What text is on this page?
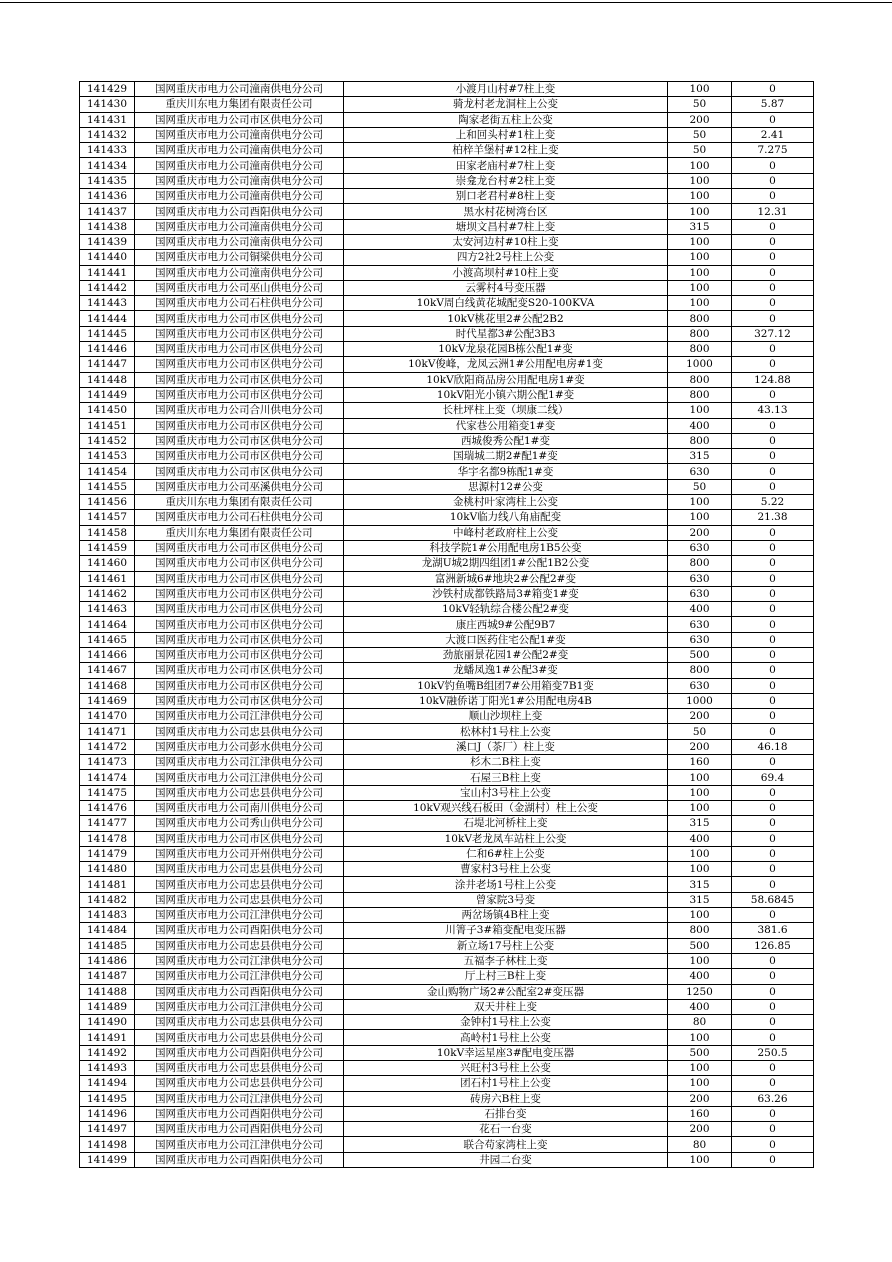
141429	国网重庆市电力公司潼南供电分公司	小渡月山村#7柱上变	100	0
141430	重庆川东电力集团有限责任公司	骑龙村老龙洞柱上公变	50	5.87
141431	国网重庆市电力公司市区供电分公司	陶家老街五柱上公变	200	0
141432	国网重庆市电力公司潼南供电分公司	上和回头村#1柱上变	50	2.41
141433	国网重庆市电力公司潼南供电分公司	柏梓羊堡村#12柱上变	50	7.275
141434	国网重庆市电力公司潼南供电分公司	田家老庙村#7柱上变	100	0
141435	国网重庆市电力公司潼南供电分公司	崇龛龙台村#2柱上变	100	0
141436	国网重庆市电力公司潼南供电分公司	别口老君村#8柱上变	100	0
141437	国网重庆市电力公司酉阳供电分公司	黑水村花树湾台区	100	12.31
141438	国网重庆市电力公司潼南供电分公司	塘坝文昌村#7柱上变	315	0
141439	国网重庆市电力公司潼南供电分公司	太安河边村#10柱上变	100	0
141440	国网重庆市电力公司铜梁供电分公司	四方2社2号柱上公变	100	0
141441	国网重庆市电力公司潼南供电分公司	小渡高坝村#10柱上变	100	0
141442	国网重庆市电力公司巫山供电分公司	云雾村4号变压器	100	0
141443	国网重庆市电力公司石柱供电分公司	10kV周白线黄花城配变S20-100KVA	100	0
141444	国网重庆市电力公司市区供电分公司	10kV桃花里2#公配2B2	800	0
141445	国网重庆市电力公司市区供电分公司	时代星都3#公配3B3	800	327.12
141446	国网重庆市电力公司市区供电分公司	10kV龙泉花园B栋公配1#变	800	0
141447	国网重庆市电力公司市区供电分公司	10kV俊峰，龙凤云洲1#公用配电房#1变	1000	0
141448	国网重庆市电力公司市区供电分公司	10kV欣阳商品房公用配电房1#变	800	124.88
141449	国网重庆市电力公司市区供电分公司	10kV阳光小镇六期公配1#变	800	0
141450	国网重庆市电力公司合川供电分公司	长杜坪柱上变（坝康二线）	100	43.13
141451	国网重庆市电力公司市区供电分公司	代家巷公用箱变1#变	400	0
141452	国网重庆市电力公司市区供电分公司	西城俊秀公配1#变	800	0
141453	国网重庆市电力公司市区供电分公司	国瑞城二期2#配1#变	315	0
141454	国网重庆市电力公司市区供电分公司	华宇名都9栋配1#变	630	0
141455	国网重庆市电力公司巫溪供电分公司	思源村12#公变	50	0
141456	重庆川东电力集团有限责任公司	金桃村叶家湾柱上公变	100	5.22
141457	国网重庆市电力公司石柱供电分公司	10kV临力线八角庙配变	100	21.38
141458	重庆川东电力集团有限责任公司	中峰村老政府柱上公变	200	0
141459	国网重庆市电力公司市区供电分公司	科技学院1#公用配电房1B5公变	630	0
141460	国网重庆市电力公司市区供电分公司	龙湖U城2期四组团1#公配1B2公变	800	0
141461	国网重庆市电力公司市区供电分公司	富洲新城6#地块2#公配2#变	630	0
141462	国网重庆市电力公司市区供电分公司	沙铁村成都铁路局3#箱变1#变	630	0
141463	国网重庆市电力公司市区供电分公司	10kV轻轨综合楼公配2#变	400	0
141464	国网重庆市电力公司市区供电分公司	康庄西城9#公配9B7	630	0
141465	国网重庆市电力公司市区供电分公司	大渡口医药住宅公配1#变	630	0
141466	国网重庆市电力公司市区供电分公司	劲旅丽景花园1#公配2#变	500	0
141467	国网重庆市电力公司市区供电分公司	龙蟠凤逸1#公配3#变	800	0
141468	国网重庆市电力公司市区供电分公司	10kV钓鱼嘴B组团7#公用箱变7B1变	630	0
141469	国网重庆市电力公司市区供电分公司	10kV融侨诺丁阳光1#公用配电房4B	1000	0
141470	国网重庆市电力公司江津供电分公司	顺山沙坝柱上变	200	0
141471	国网重庆市电力公司忠县供电分公司	松林村1号柱上公变	50	0
141472	国网重庆市电力公司彭水供电分公司	溪口J（茶厂）柱上变	200	46.18
141473	国网重庆市电力公司江津供电分公司	杉木二B柱上变	160	0
141474	国网重庆市电力公司江津供电分公司	石屋三B柱上变	100	69.4
141475	国网重庆市电力公司忠县供电分公司	宝山村3号柱上公变	100	0
141476	国网重庆市电力公司南川供电分公司	10kV观兴线石板田（金湖村）柱上公变	100	0
141477	国网重庆市电力公司秀山供电分公司	石堤北河桥柱上变	315	0
141478	国网重庆市电力公司市区供电分公司	10kV老龙凤车站柱上公变	400	0
141479	国网重庆市电力公司开州供电分公司	仁和6#柱上公变	100	0
141480	国网重庆市电力公司忠县供电分公司	曹家村3号柱上公变	100	0
141481	国网重庆市电力公司忠县供电分公司	涂井老场1号柱上公变	315	0
141482	国网重庆市电力公司忠县供电分公司	曾家院3号变	315	58.6845
141483	国网重庆市电力公司江津供电分公司	两岔场镇4B柱上变	100	0
141484	国网重庆市电力公司酉阳供电分公司	川箐子3#箱变配电变压器	800	381.6
141485	国网重庆市电力公司忠县供电分公司	新立场17号柱上公变	500	126.85
141486	国网重庆市电力公司江津供电分公司	五福李子林柱上变	100	0
141487	国网重庆市电力公司江津供电分公司	厅上村三B柱上变	400	0
141488	国网重庆市电力公司酉阳供电分公司	金山购物广场2#公配室2#变压器	1250	0
141489	国网重庆市电力公司江津供电分公司	双天井柱上变	400	0
141490	国网重庆市电力公司忠县供电分公司	金钟村1号柱上公变	80	0
141491	国网重庆市电力公司忠县供电分公司	高岭村1号柱上公变	100	0
141492	国网重庆市电力公司酉阳供电分公司	10kV幸运星座3#配电变压器	500	250.5
141493	国网重庆市电力公司忠县供电分公司	兴旺村3号柱上公变	100	0
141494	国网重庆市电力公司忠县供电分公司	团石村1号柱上公变	100	0
141495	国网重庆市电力公司江津供电分公司	砖房六B柱上变	200	63.26
141496	国网重庆市电力公司酉阳供电分公司	石排台变	160	0
141497	国网重庆市电力公司酉阳供电分公司	花石一台变	200	0
141498	国网重庆市电力公司江津供电分公司	联合苟家湾柱上变	80	0
141499	国网重庆市电力公司酉阳供电分公司	井园二台变	100	0
